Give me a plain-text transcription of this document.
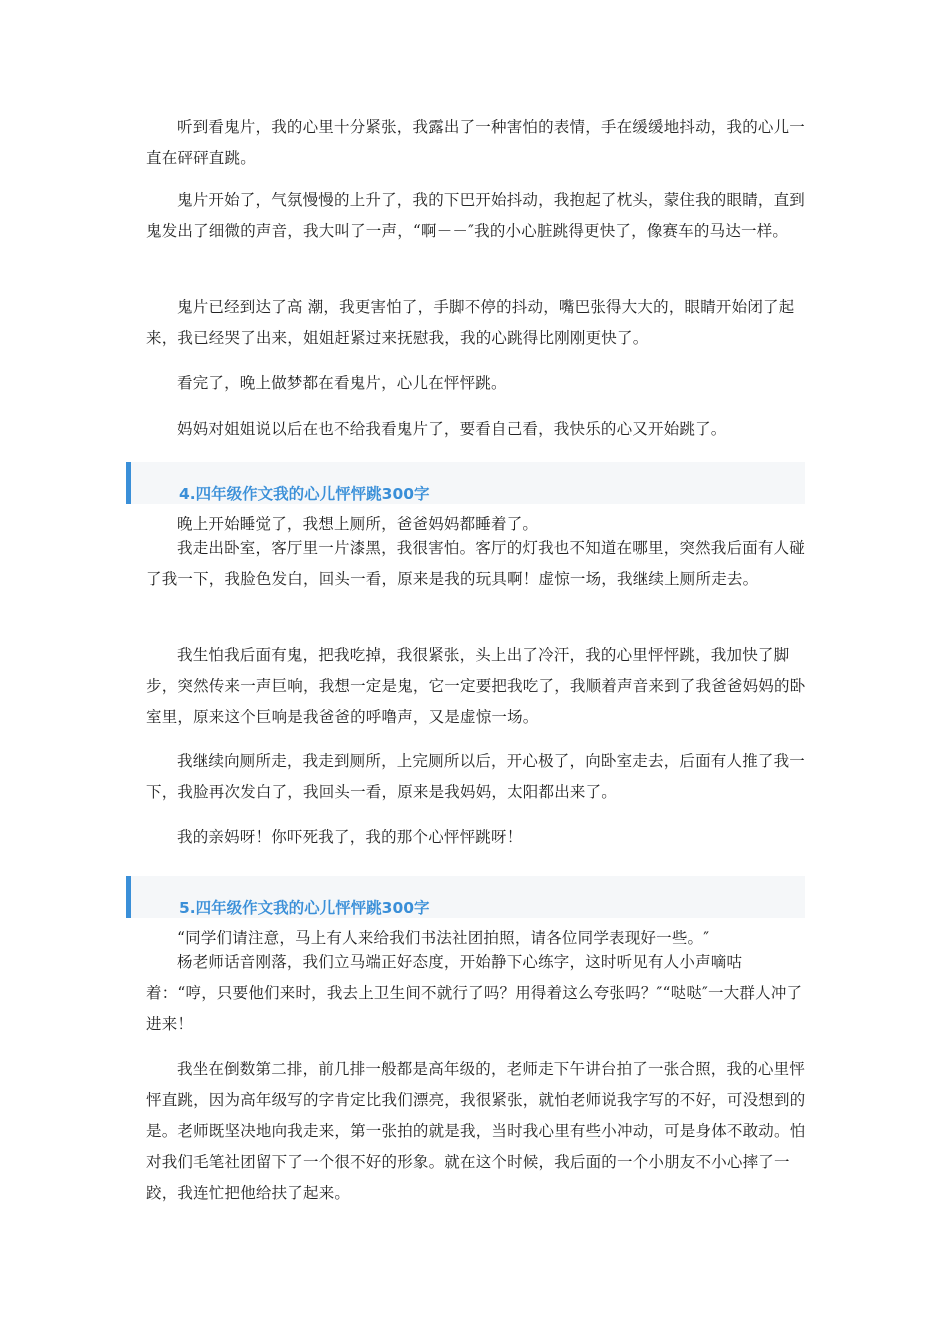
听到看鬼片，我的心里十分紧张，我露出了一种害怕的表情，手在缓缓地抖动，我的心儿一直在砰砰直跳。

鬼片开始了，气氛慢慢的上升了，我的下巴开始抖动，我抱起了枕头，蒙住我的眼睛，直到鬼发出了细微的声音，我大叫了一声，“啊－－″我的小心脏跳得更快了，像赛车的马达一样。

鬼片已经到达了高 潮，我更害怕了，手脚不停的抖动，嘴巴张得大大的，眼睛开始闭了起来，我已经哭了出来，姐姐赶紧过来抚慰我，我的心跳得比刚刚更快了。

看完了，晚上做梦都在看鬼片，心儿在怦怦跳。

妈妈对姐姐说以后在也不给我看鬼片了，要看自己看，我快乐的心又开始跳了。

4.四年级作文我的心儿怦怦跳300字

晚上开始睡觉了，我想上厕所，爸爸妈妈都睡着了。

我走出卧室，客厅里一片漆黑，我很害怕。客厅的灯我也不知道在哪里，突然我后面有人碰了我一下，我脸色发白，回头一看，原来是我的玩具啊！虚惊一场，我继续上厕所走去。

我生怕我后面有鬼，把我吃掉，我很紧张，头上出了冷汗，我的心里怦怦跳，我加快了脚步，突然传来一声巨响，我想一定是鬼，它一定要把我吃了，我顺着声音来到了我爸爸妈妈的卧室里，原来这个巨响是我爸爸的呼噜声，又是虚惊一场。

我继续向厕所走，我走到厕所，上完厕所以后，开心极了，向卧室走去，后面有人推了我一下，我脸再次发白了，我回头一看，原来是我妈妈，太阳都出来了。

我的亲妈呀！你吓死我了，我的那个心怦怦跳呀！

5.四年级作文我的心儿怦怦跳300字

“同学们请注意，马上有人来给我们书法社团拍照，请各位同学表现好一些。″

杨老师话音刚落，我们立马端正好态度，开始静下心练字，这时听见有人小声嘀咕着：“哼，只要他们来时，我去上卫生间不就行了吗？用得着这么夸张吗？″“哒哒″一大群人冲了进来！

我坐在倒数第二排，前几排一般都是高年级的，老师走下午讲台拍了一张合照，我的心里怦怦直跳，因为高年级写的字肯定比我们漂亮，我很紧张，就怕老师说我字写的不好，可没想到的是。老师既坚决地向我走来，第一张拍的就是我，当时我心里有些小冲动，可是身体不敢动。怕对我们毛笔社团留下了一个很不好的形象。就在这个时候，我后面的一个小朋友不小心摔了一跤，我连忙把他给扶了起来。
